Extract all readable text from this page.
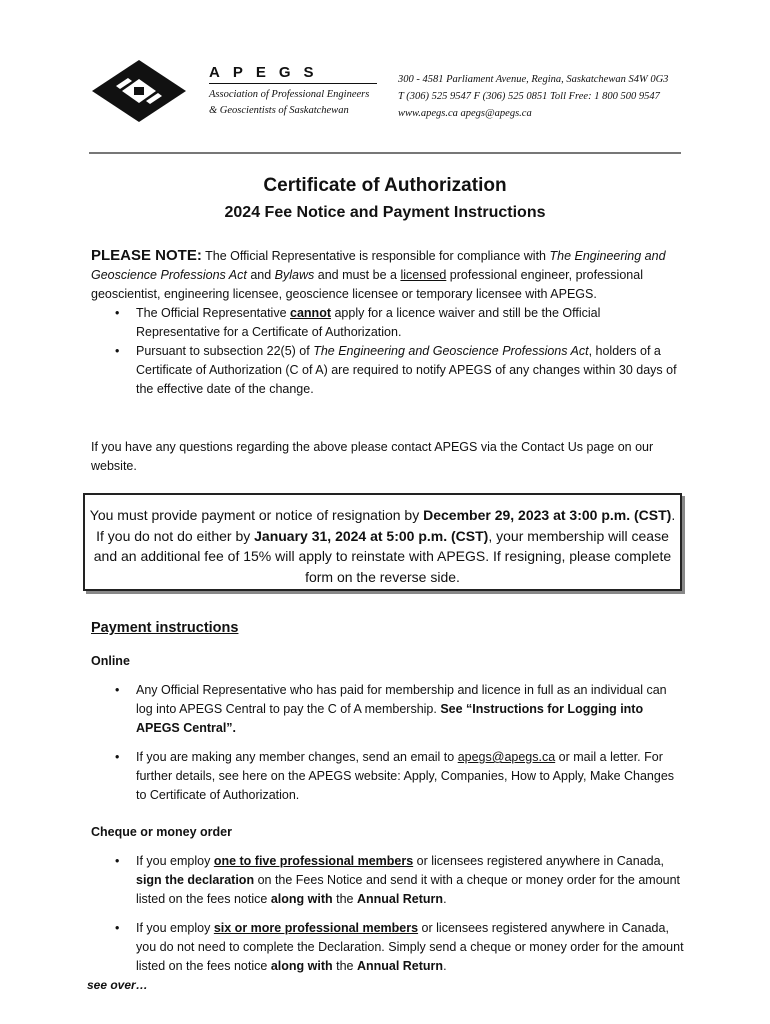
APEGS
Association of Professional Engineers
& Geoscientists of Saskatchewan
300 - 4581 Parliament Avenue, Regina, Saskatchewan S4W 0G3
T (306) 525 9547 F (306) 525 0851 Toll Free: 1 800 500 9547
www.apegs.ca apegs@apegs.ca
Certificate of Authorization
2024 Fee Notice and Payment Instructions
PLEASE NOTE: The Official Representative is responsible for compliance with The Engineering and Geoscience Professions Act and Bylaws and must be a licensed professional engineer, professional geoscientist, engineering licensee, geoscience licensee or temporary licensee with APEGS.
• The Official Representative cannot apply for a licence waiver and still be the Official Representative for a Certificate of Authorization.
• Pursuant to subsection 22(5) of The Engineering and Geoscience Professions Act, holders of a Certificate of Authorization (C of A) are required to notify APEGS of any changes within 30 days of the effective date of the change.
If you have any questions regarding the above please contact APEGS via the Contact Us page on our website.
You must provide payment or notice of resignation by December 29, 2023 at 3:00 p.m. (CST). If you do not do either by January 31, 2024 at 5:00 p.m. (CST), your membership will cease and an additional fee of 15% will apply to reinstate with APEGS. If resigning, please complete form on the reverse side.
Payment instructions
Online
• Any Official Representative who has paid for membership and licence in full as an individual can log into APEGS Central to pay the C of A membership. See “Instructions for Logging into APEGS Central”.
• If you are making any member changes, send an email to apegs@apegs.ca or mail a letter. For further details, see here on the APEGS website: Apply, Companies, How to Apply, Make Changes to Certificate of Authorization.
Cheque or money order
• If you employ one to five professional members or licensees registered anywhere in Canada, sign the declaration on the Fees Notice and send it with a cheque or money order for the amount listed on the fees notice along with the Annual Return.
• If you employ six or more professional members or licensees registered anywhere in Canada, you do not need to complete the Declaration. Simply send a cheque or money order for the amount listed on the fees notice along with the Annual Return.
see over…
